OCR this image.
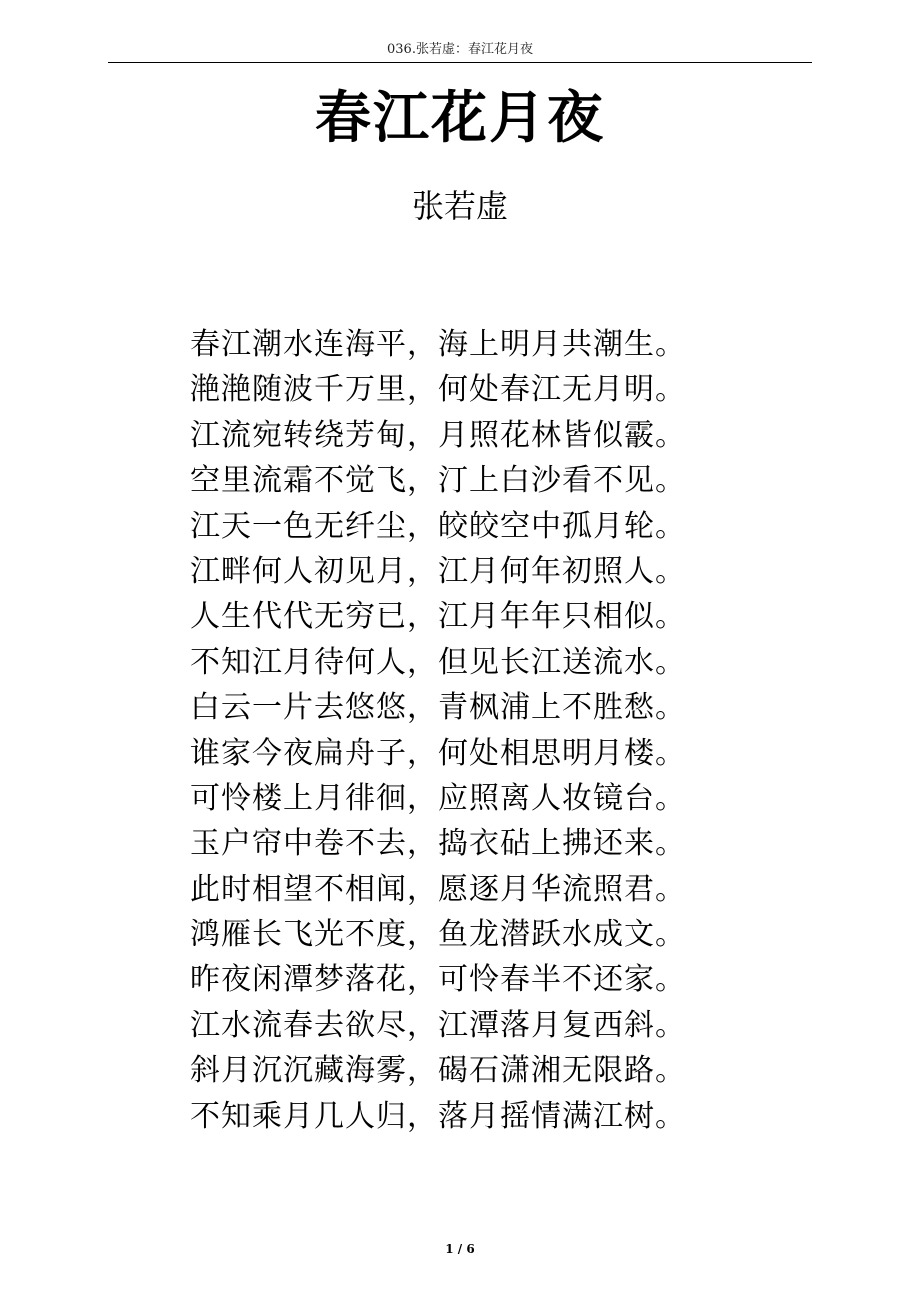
036.张若虚：春江花月夜
春江花月夜
张若虚
春江潮水连海平，海上明月共潮生。
滟滟随波千万里，何处春江无月明。
江流宛转绕芳甸，月照花林皆似霰。
空里流霜不觉飞，汀上白沙看不见。
江天一色无纤尘，皎皎空中孤月轮。
江畔何人初见月，江月何年初照人。
人生代代无穷已，江月年年只相似。
不知江月待何人，但见长江送流水。
白云一片去悠悠，青枫浦上不胜愁。
谁家今夜扁舟子，何处相思明月楼。
可怜楼上月徘徊，应照离人妆镜台。
玉户帘中卷不去，捣衣砧上拂还来。
此时相望不相闻，愿逐月华流照君。
鸿雁长飞光不度，鱼龙潜跃水成文。
昨夜闲潭梦落花，可怜春半不还家。
江水流春去欲尽，江潭落月复西斜。
斜月沉沉藏海雾，碣石潇湘无限路。
不知乘月几人归，落月摇情满江树。
1 / 6
